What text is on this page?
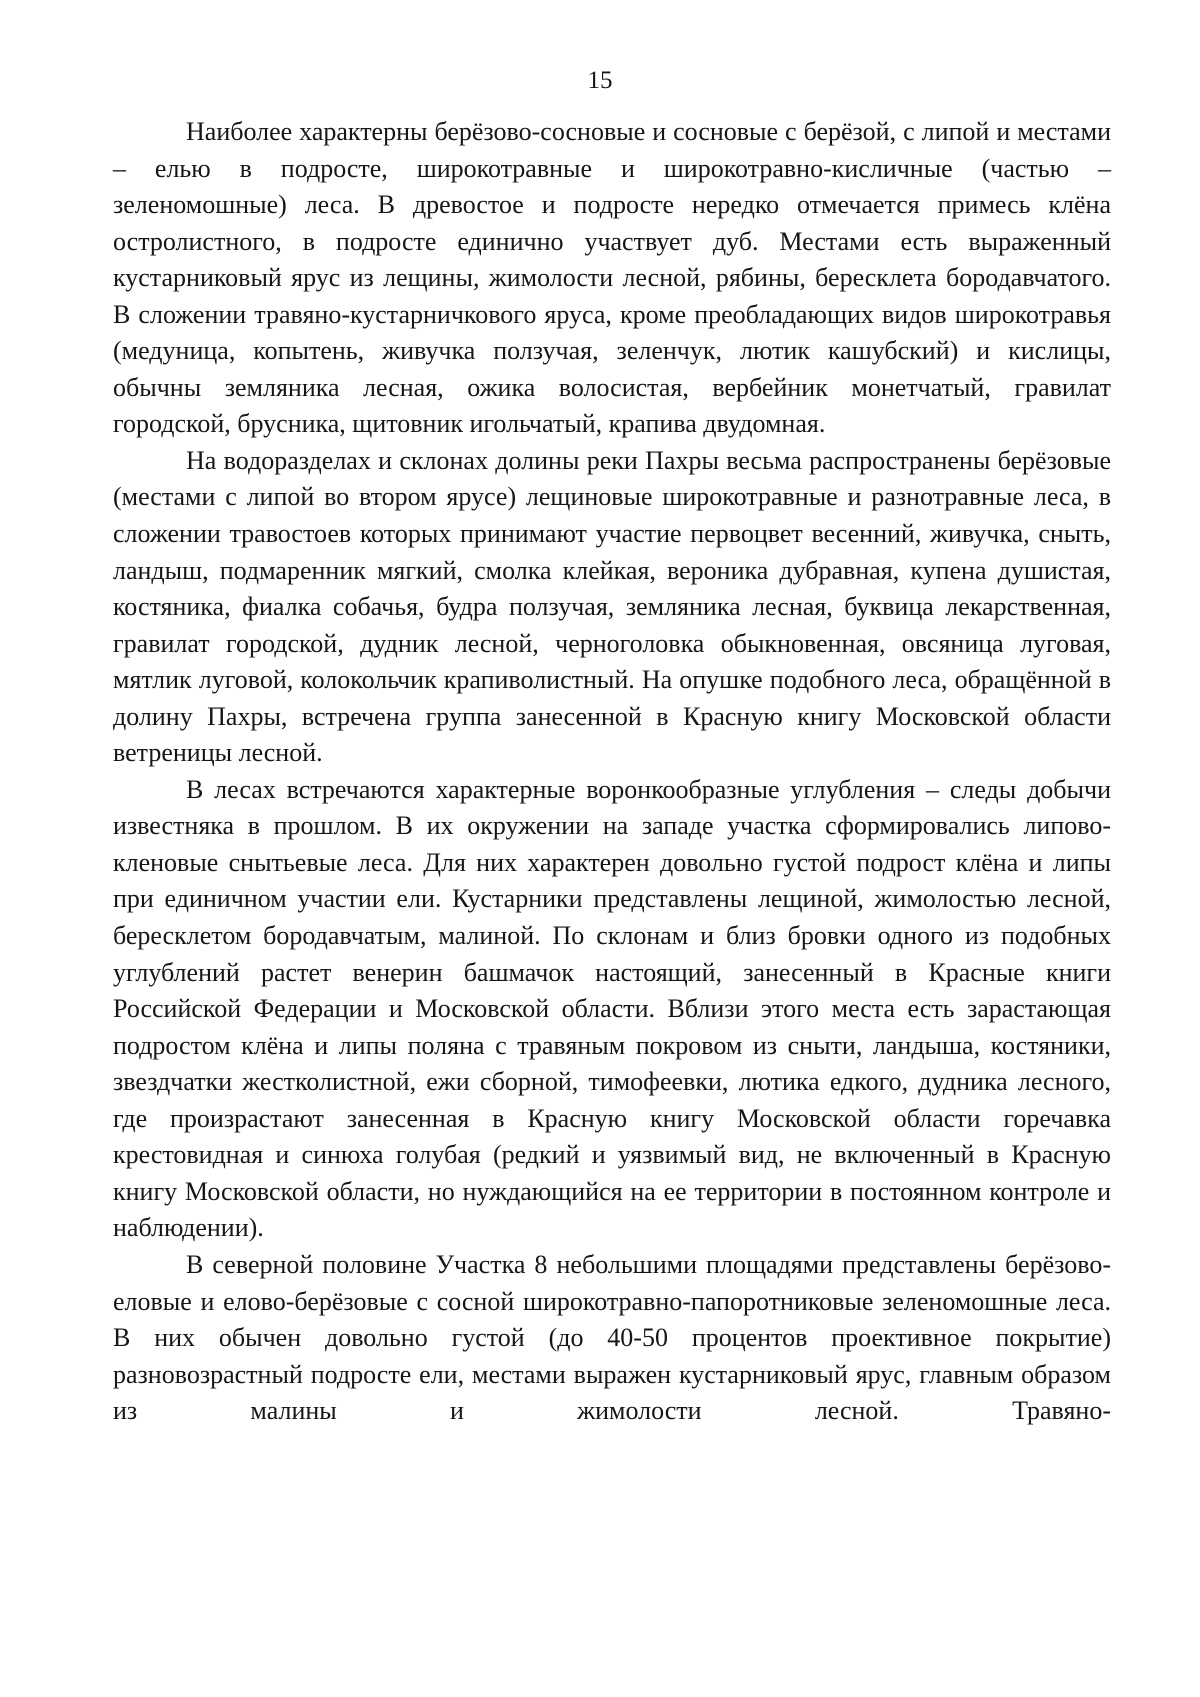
15

Наиболее характерны берёзово-сосновые и сосновые с берёзой, с липой и местами – елью в подросте, широкотравные и широкотравно-кисличные (частью – зеленомошные) леса. В древостое и подросте нередко отмечается примесь клёна остролистного, в подросте единично участвует дуб. Местами есть выраженный кустарниковый ярус из лещины, жимолости лесной, рябины, бересклета бородавчатого. В сложении травяно-кустарничкового яруса, кроме преобладающих видов широкотравья (медуница, копытень, живучка ползучая, зеленчук, лютик кашубский) и кислицы, обычны земляника лесная, ожика волосистая, вербейник монетчатый, гравилат городской, брусника, щитовник игольчатый, крапива двудомная.

На водоразделах и склонах долины реки Пахры весьма распространены берёзовые (местами с липой во втором ярусе) лещиновые широкотравные и разнотравные леса, в сложении травостоев которых принимают участие первоцвет весенний, живучка, сныть, ландыш, подмаренник мягкий, смолка клейкая, вероника дубравная, купена душистая, костяника, фиалка собачья, будра ползучая, земляника лесная, буквица лекарственная, гравилат городской, дудник лесной, черноголовка обыкновенная, овсяница луговая, мятлик луговой, колокольчик крапиволистный. На опушке подобного леса, обращённой в долину Пахры, встречена группа занесенной в Красную книгу Московской области ветреницы лесной.

В лесах встречаются характерные воронкообразные углубления – следы добычи известняка в прошлом. В их окружении на западе участка сформировались липово-кленовые снытьевые леса. Для них характерен довольно густой подрост клёна и липы при единичном участии ели. Кустарники представлены лещиной, жимолостью лесной, бересклетом бородавчатым, малиной. По склонам и близ бровки одного из подобных углублений растет венерин башмачок настоящий, занесенный в Красные книги Российской Федерации и Московской области. Вблизи этого места есть зарастающая подростом клёна и липы поляна с травяным покровом из сныти, ландыша, костяники, звездчатки жестколистной, ежи сборной, тимофеевки, лютика едкого, дудника лесного, где произрастают занесенная в Красную книгу Московской области горечавка крестовидная и синюха голубая (редкий и уязвимый вид, не включенный в Красную книгу Московской области, но нуждающийся на ее территории в постоянном контроле и наблюдении).

В северной половине Участка 8 небольшими площадями представлены берёзово-еловые и елово-берёзовые с сосной широкотравно-папоротниковые зеленомошные леса. В них обычен довольно густой (до 40-50 процентов проективное покрытие) разновозрастный подросте ели, местами выражен кустарниковый ярус, главным образом из малины и жимолости лесной. Травяно-
